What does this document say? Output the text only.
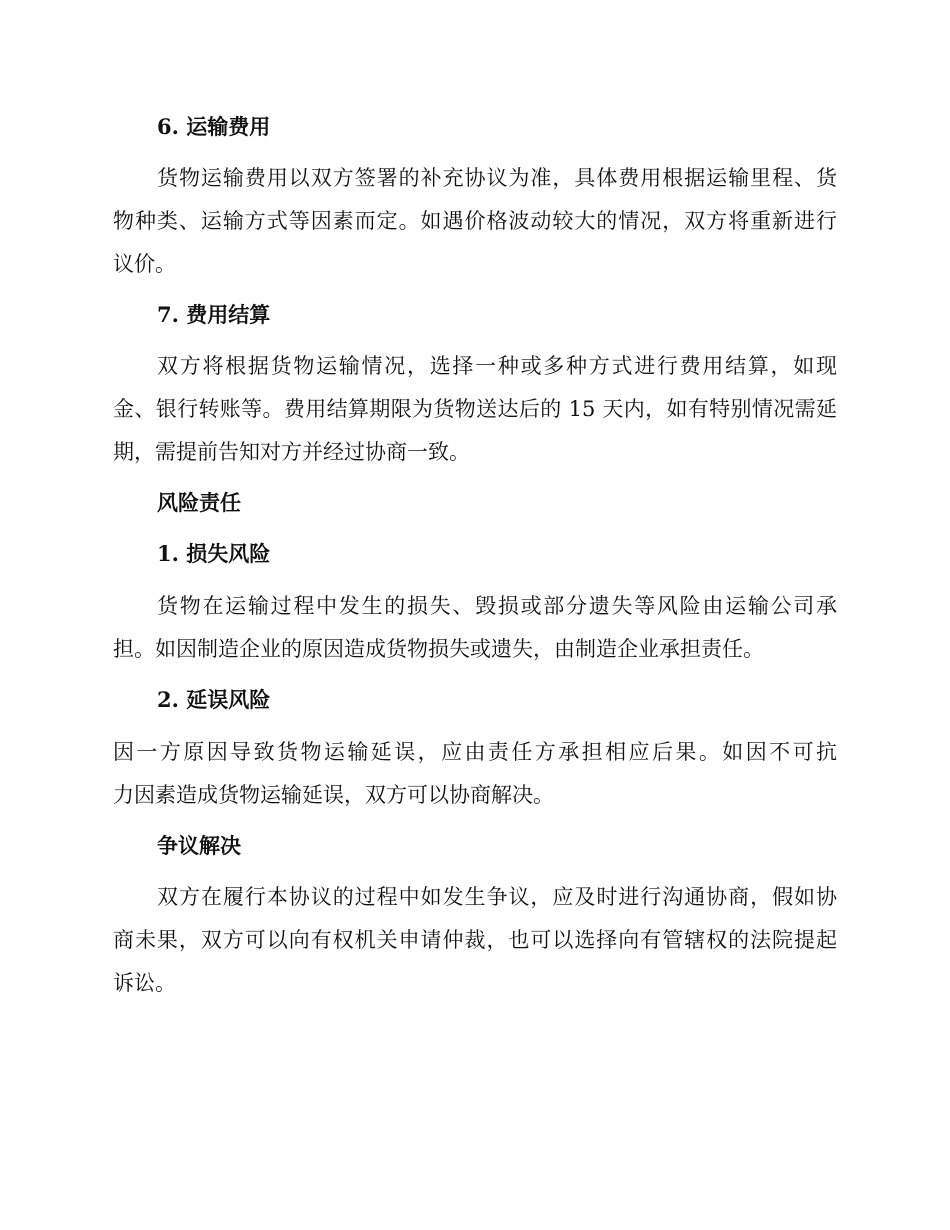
6. 运输费用
货物运输费用以双方签署的补充协议为准，具体费用根据运输里程、货
物种类、运输方式等因素而定。如遇价格波动较大的情况，双方将重新进行
议价。
7. 费用结算
双方将根据货物运输情况，选择一种或多种方式进行费用结算，如现
金、银行转账等。费用结算期限为货物送达后的 15 天内，如有特别情况需延
期，需提前告知对方并经过协商一致。
风险责任
1. 损失风险
货物在运输过程中发生的损失、毁损或部分遗失等风险由运输公司承
担。如因制造企业的原因造成货物损失或遗失，由制造企业承担责任。
2. 延误风险
因一方原因导致货物运输延误，应由责任方承担相应后果。如因不可抗
力因素造成货物运输延误，双方可以协商解决。
争议解决
双方在履行本协议的过程中如发生争议，应及时进行沟通协商，假如协
商未果，双方可以向有权机关申请仲裁，也可以选择向有管辖权的法院提起
诉讼。
